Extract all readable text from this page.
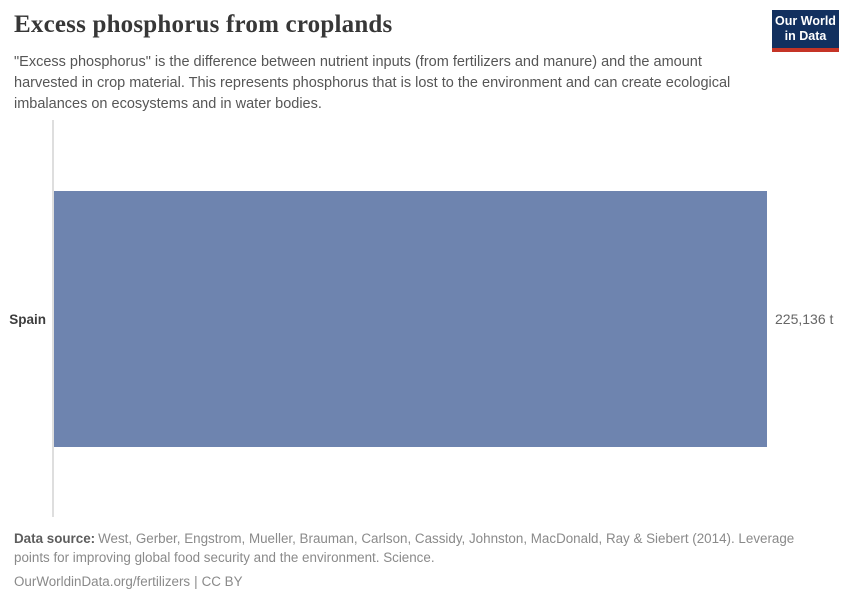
Excess phosphorus from croplands	Our World
in Data

"Excess phosphorus" is the difference between nutrient inputs (from fertilizers and manure) and the amount harvested in crop material. This represents phosphorus that is lost to the environment and can create ecological imbalances on ecosystems and in water bodies.

Spain	225,136 t

Data source: West, Gerber, Engstrom, Mueller, Brauman, Carlson, Cassidy, Johnston, MacDonald, Ray & Siebert (2014). Leverage points for improving global food security and the environment. Science.

OurWorldinData.org/fertilizers | CC BY
